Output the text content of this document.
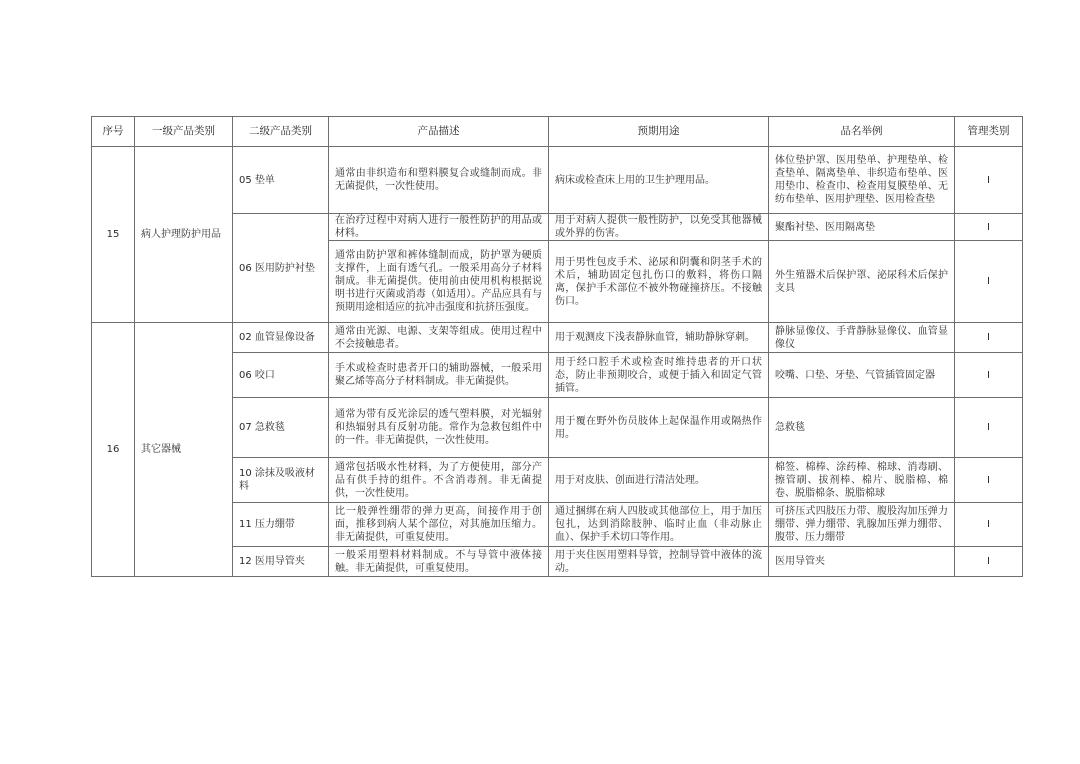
序号	一级产品类别	二级产品类别	产品描述	预期用途	品名举例	管理类别
15	病人护理防护用品	05 垫单	通常由非织造布和塑料膜复合或缝制而成。非无菌提供，一次性使用。	病床或检查床上用的卫生护理用品。	体位垫护罩、医用垫单、护理垫单、检查垫单、隔离垫单、非织造布垫单、医用垫巾、检查巾、检查用复膜垫单、无纺布垫单、医用护理垫、医用检查垫	I
		06 医用防护衬垫	在治疗过程中对病人进行一般性防护的用品或材料。	用于对病人提供一般性防护，以免受其他器械或外界的伤害。	聚酯衬垫、医用隔离垫	I
			通常由防护罩和裤体缝制而成，防护罩为硬质支撑件，上面有透气孔。一般采用高分子材料制成。非无菌提供。使用前由使用机构根据说明书进行灭菌或消毒（如适用）。产品应具有与预期用途相适应的抗冲击强度和抗挤压强度。	用于男性包皮手术、泌尿和阴囊和阴茎手术的术后，辅助固定包扎伤口的敷料，将伤口隔离，保护手术部位不被外物碰撞挤压。不接触伤口。	外生殖器术后保护罩、泌尿科术后保护支具	I
16	其它器械	02 血管显像设备	通常由光源、电源、支架等组成。使用过程中不会接触患者。	用于观测皮下浅表静脉血管，辅助静脉穿刺。	静脉显像仪、手背静脉显像仪、血管显像仪	I
		06 咬口	手术或检查时患者开口的辅助器械，一般采用聚乙烯等高分子材料制成。非无菌提供。	用于经口腔手术或检查时维持患者的开口状态，防止非预期咬合，或便于插入和固定气管插管。	咬嘴、口垫、牙垫、气管插管固定器	I
		07 急救毯	通常为带有反光涂层的透气塑料膜，对光辐射和热辐射具有反射功能。常作为急救包组件中的一件。非无菌提供，一次性使用。	用于覆在野外伤员肢体上起保温作用或隔热作用。	急救毯	I
		10 涂抹及吸液材料	通常包括吸水性材料，为了方便使用，部分产品有供手持的组件。不含消毒剂。非无菌提供，一次性使用。	用于对皮肤、创面进行清洁处理。	棉签、棉棒、涂药棒、棉球、消毒刷、擦管刷、拔剂棒、棉片、脱脂棉、棉卷、脱脂棉条、脱脂棉球	I
		11 压力绷带	比一般弹性绷带的弹力更高，间接作用于创面，推移到病人某个部位，对其施加压缩力。非无菌提供，可重复使用。	通过捆绑在病人四肢或其他部位上，用于加压包扎，达到消除肢肿、临时止血（非动脉止血）、保护手术切口等作用。	可挤压式四肢压力带、腹股沟加压弹力绷带、弹力绷带、乳腺加压弹力绷带、腹带、压力绷带	I
		12 医用导管夹	一般采用塑料材料制成。不与导管中液体接触。非无菌提供，可重复使用。	用于夹住医用塑料导管，控制导管中液体的流动。	医用导管夹	I
